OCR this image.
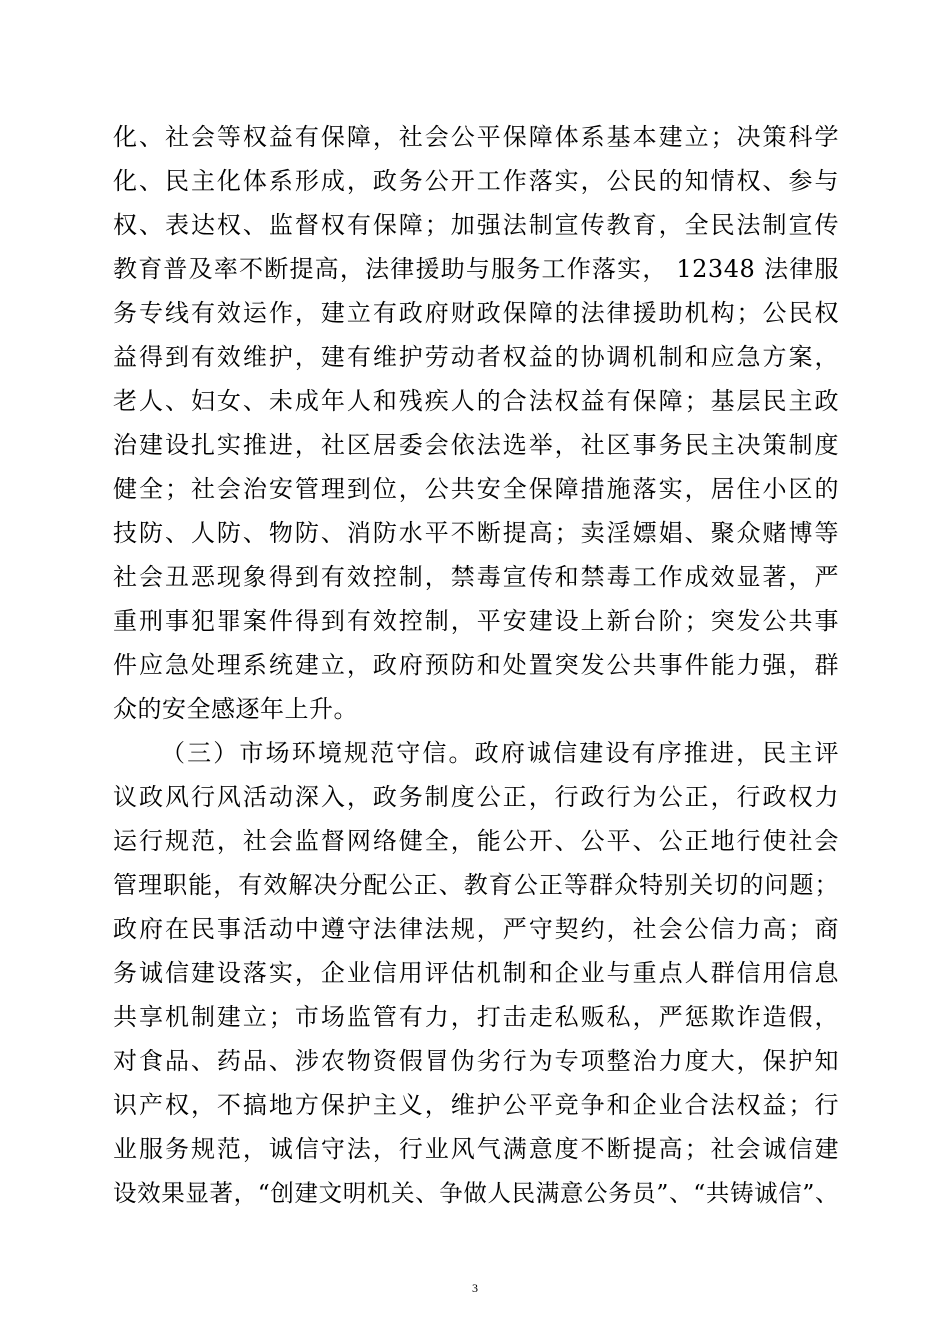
化、社会等权益有保障，社会公平保障体系基本建立；决策科学
化、民主化体系形成，政务公开工作落实，公民的知情权、参与
权、表达权、监督权有保障；加强法制宣传教育，全民法制宣传
教育普及率不断提高，法律援助与服务工作落实， 12348 法律服
务专线有效运作，建立有政府财政保障的法律援助机构；公民权
益得到有效维护，建有维护劳动者权益的协调机制和应急方案，
老人、妇女、未成年人和残疾人的合法权益有保障；基层民主政
治建设扎实推进，社区居委会依法选举，社区事务民主决策制度
健全；社会治安管理到位，公共安全保障措施落实，居住小区的
技防、人防、物防、消防水平不断提高；卖淫嫖娼、聚众赌博等
社会丑恶现象得到有效控制，禁毒宣传和禁毒工作成效显著，严
重刑事犯罪案件得到有效控制，平安建设上新台阶；突发公共事
件应急处理系统建立，政府预防和处置突发公共事件能力强，群
众的安全感逐年上升。
（三）市场环境规范守信。政府诚信建设有序推进，民主评
议政风行风活动深入，政务制度公正，行政行为公正，行政权力
运行规范，社会监督网络健全，能公开、公平、公正地行使社会
管理职能，有效解决分配公正、教育公正等群众特别关切的问题；
政府在民事活动中遵守法律法规，严守契约，社会公信力高；商
务诚信建设落实，企业信用评估机制和企业与重点人群信用信息
共享机制建立；市场监管有力，打击走私贩私，严惩欺诈造假，
对食品、药品、涉农物资假冒伪劣行为专项整治力度大，保护知
识产权，不搞地方保护主义，维护公平竞争和企业合法权益；行
业服务规范，诚信守法，行业风气满意度不断提高；社会诚信建
设效果显著，“创建文明机关、争做人民满意公务员”、“共铸诚信”、
3
